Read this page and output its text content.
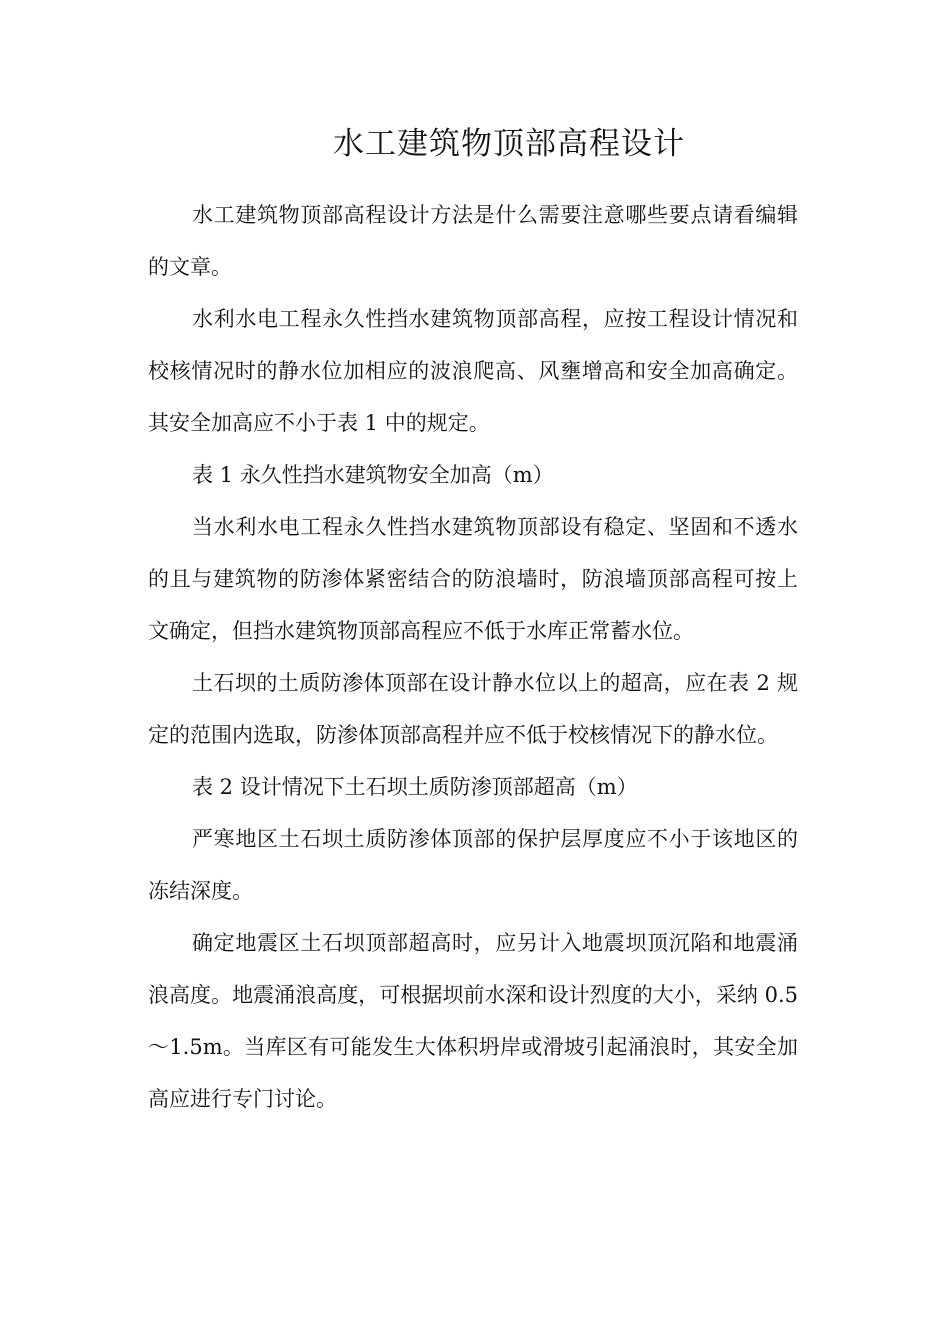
水工建筑物顶部高程设计

水工建筑物顶部高程设计方法是什么需要注意哪些要点请看编辑的文章。

水利水电工程永久性挡水建筑物顶部高程，应按工程设计情况和校核情况时的静水位加相应的波浪爬高、风壅增高和安全加高确定。其安全加高应不小于表 1 中的规定。

表 1 永久性挡水建筑物安全加高（m）

当水利水电工程永久性挡水建筑物顶部设有稳定、坚固和不透水的且与建筑物的防渗体紧密结合的防浪墙时，防浪墙顶部高程可按上文确定，但挡水建筑物顶部高程应不低于水库正常蓄水位。

土石坝的土质防渗体顶部在设计静水位以上的超高，应在表 2 规定的范围内选取，防渗体顶部高程并应不低于校核情况下的静水位。

表 2 设计情况下土石坝土质防渗顶部超高（m）

严寒地区土石坝土质防渗体顶部的保护层厚度应不小于该地区的冻结深度。

确定地震区土石坝顶部超高时，应另计入地震坝顶沉陷和地震涌浪高度。地震涌浪高度，可根据坝前水深和设计烈度的大小，采纳 0.5～1.5m。当库区有可能发生大体积坍岸或滑坡引起涌浪时，其安全加高应进行专门讨论。
